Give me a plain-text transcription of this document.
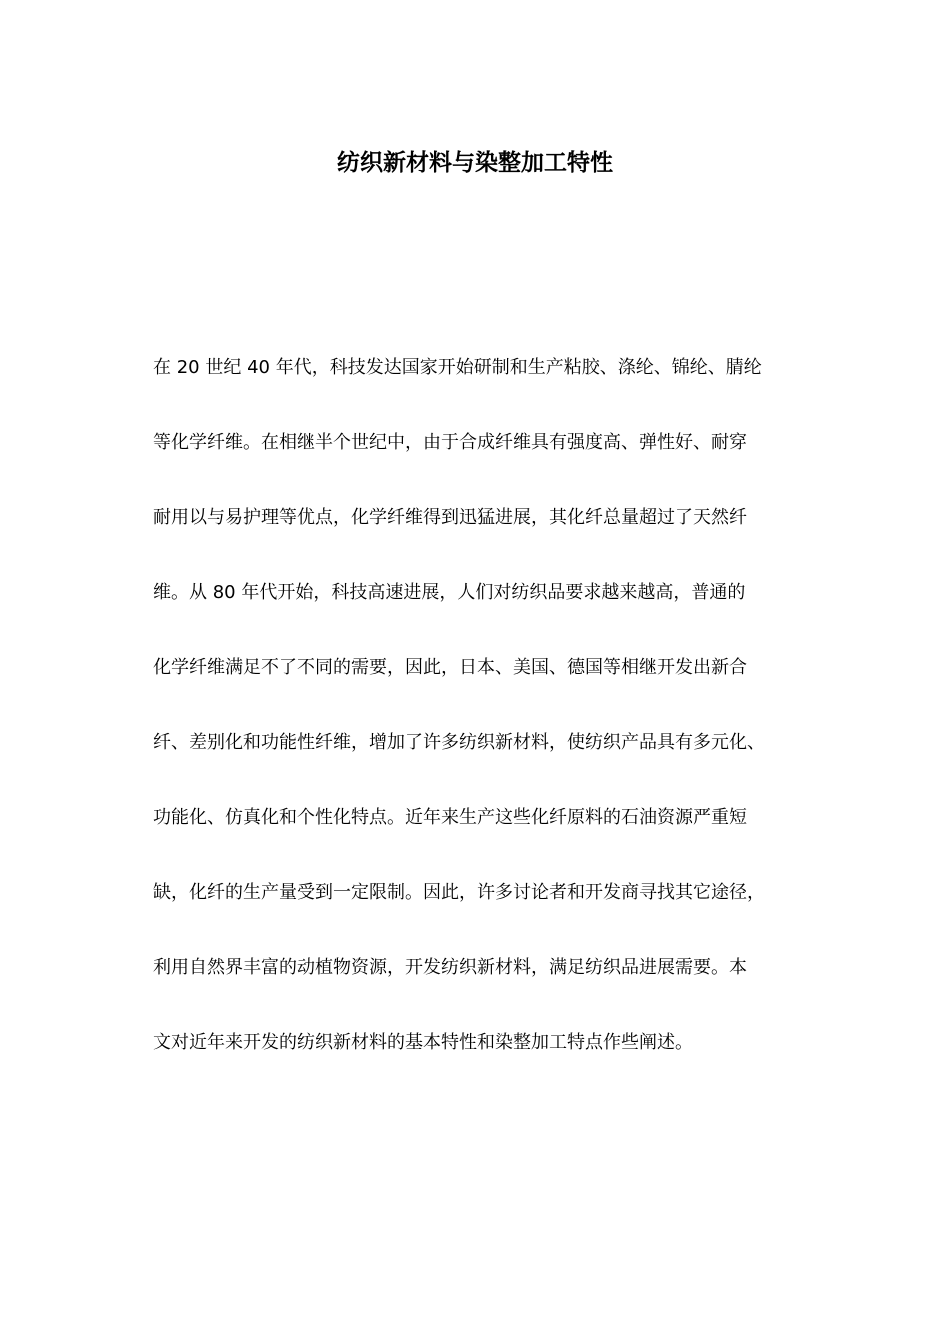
纺织新材料与染整加工特性
在 20 世纪 40 年代，科技发达国家开始研制和生产粘胶、涤纶、锦纶、腈纶
等化学纤维。在相继半个世纪中，由于合成纤维具有强度高、弹性好、耐穿
耐用以与易护理等优点，化学纤维得到迅猛进展，其化纤总量超过了天然纤
维。从 80 年代开始，科技高速进展，人们对纺织品要求越来越高，普通的
化学纤维满足不了不同的需要，因此，日本、美国、德国等相继开发出新合
纤、差别化和功能性纤维，增加了许多纺织新材料，使纺织产品具有多元化、
功能化、仿真化和个性化特点。近年来生产这些化纤原料的石油资源严重短
缺，化纤的生产量受到一定限制。因此，许多讨论者和开发商寻找其它途径，
利用自然界丰富的动植物资源，开发纺织新材料，满足纺织品进展需要。本
文对近年来开发的纺织新材料的基本特性和染整加工特点作些阐述。
